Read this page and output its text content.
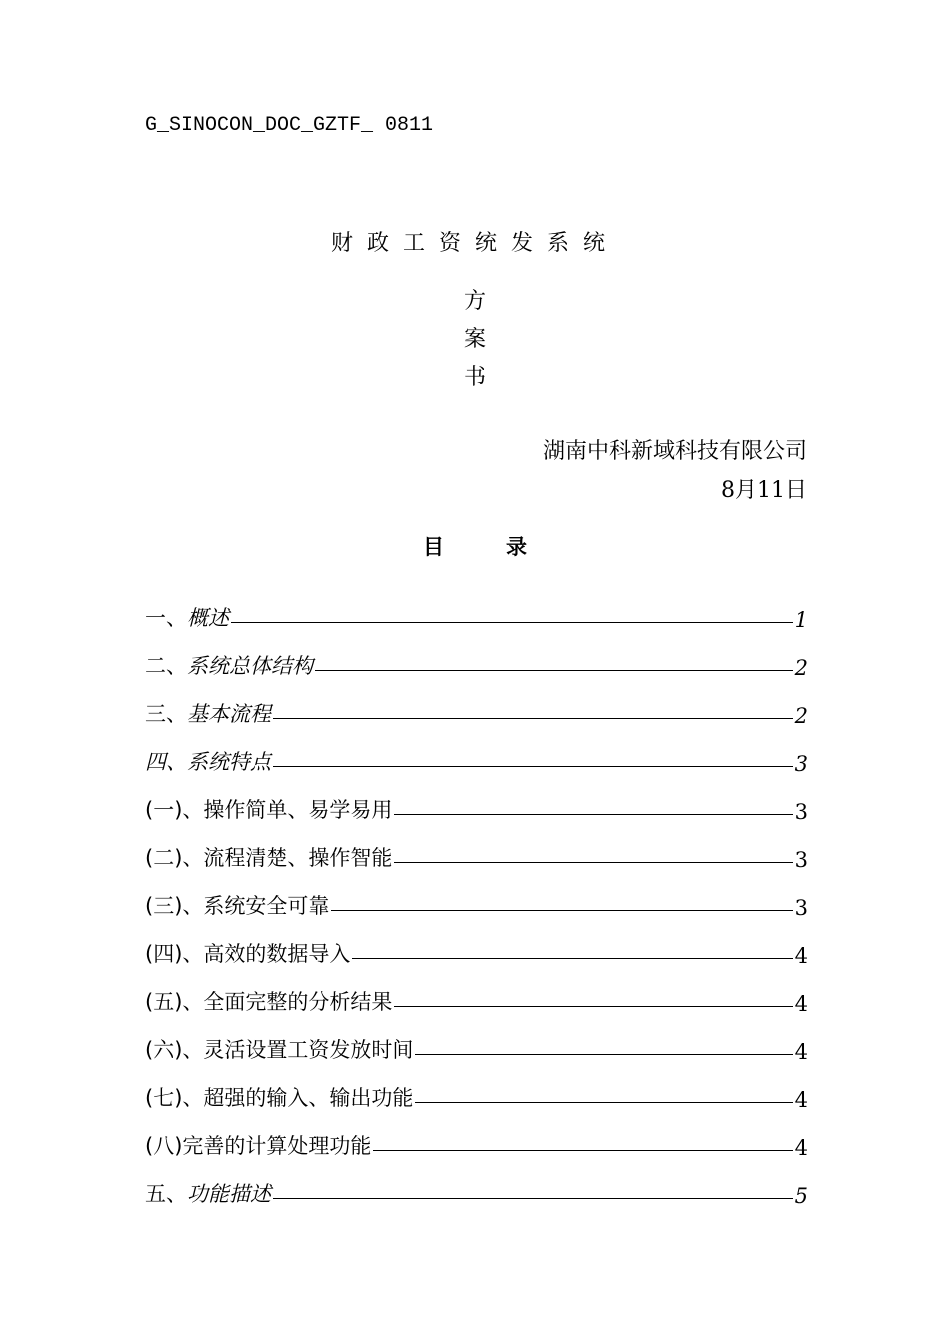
G_SINOCON_DOC_GZTF_ 0811
财政工资统发系统
方
案
书
湖南中科新域科技有限公司
8月11日
目录
一、概述	1
二、系统总体结构	2
三、基本流程	2
四、系统特点	3
(一)、操作简单、易学易用	3
(二)、流程清楚、操作智能	3
(三)、系统安全可靠	3
(四)、高效的数据导入	4
(五)、全面完整的分析结果	4
(六)、灵活设置工资发放时间	4
(七)、超强的输入、输出功能	4
(八)完善的计算处理功能	4
五、功能描述	5
